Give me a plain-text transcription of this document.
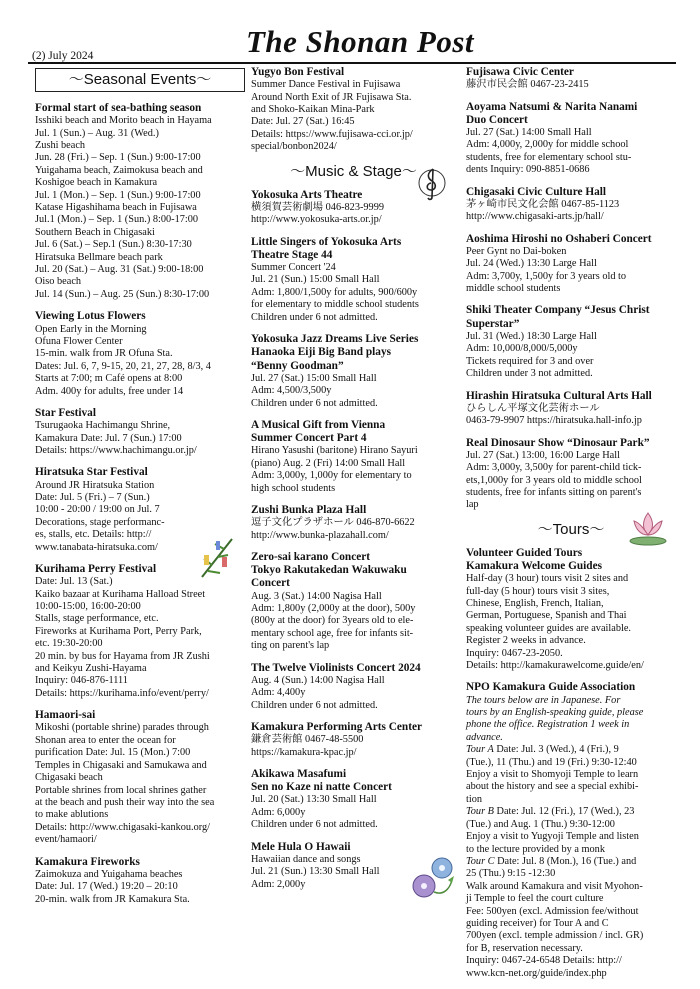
(2) July 2024	The Shonan Post
～Seasonal Events～
Formal start of sea-bathing season
Isshiki beach and Morito beach in Hayama
Jul. 1 (Sun.) – Aug. 31 (Wed.)
Zushi beach
Jun. 28 (Fri.) – Sep. 1 (Sun.) 9:00-17:00
Yuigahama beach, Zaimokusa beach and
Koshigoe beach in Kamakura
Jul. 1 (Mon.) – Sep. 1 (Sun.) 9:00-17:00
Katase Higashihama beach in Fujisawa
Jul.1 (Mon.) – Sep. 1 (Sun.) 8:00-17:00
Southern Beach in Chigasaki
Jul. 6 (Sat.) – Sep.1 (Sun.) 8:30-17:30
Hiratsuka Bellmare beach park
Jul. 20 (Sat.) – Aug. 31 (Sat.) 9:00-18:00
Oiso beach
Jul. 14 (Sun.) – Aug. 25 (Sun.) 8:30-17:00
Viewing Lotus Flowers
Open Early in the Morning
Ofuna Flower Center
15-min. walk from JR Ofuna Sta.
Dates: Jul. 6, 7, 9-15, 20, 21, 27, 28, 8/3, 4
Starts at 7:00; m Café opens at 8:00
Adm. 400y for adults, free under 14
Star Festival
Tsurugaoka Hachimangu Shrine,
Kamakura Date: Jul. 7 (Sun.) 17:00
Details: https://www.hachimangu.or.jp/
Hiratsuka Star Festival
Around JR Hiratsuka Station
Date: Jul. 5 (Fri.) – 7 (Sun.)
10:00 - 20:00 / 19:00 on Jul. 7
Decorations, stage performanc-
es, stalls, etc. Details: http://
www.tanabata-hiratsuka.com/
Kurihama Perry Festival
Date: Jul. 13 (Sat.)
Kaiko bazaar at Kurihama Halload Street
10:00-15:00, 16:00-20:00
Stalls, stage performance, etc.
Fireworks at Kurihama Port, Perry Park,
etc. 19:30-20:00
20 min. by bus for Hayama from JR Zushi
and Keikyu Zushi-Hayama
Inquiry: 046-876-1111
Details: https://kurihama.info/event/perry/
Hamaori-sai
Mikoshi (portable shrine) parades through
Shonan area to enter the ocean for
purification Date: Jul. 15 (Mon.) 7:00
Temples in Chigasaki and Samukawa and
Chigasaki beach
Portable shrines from local shrines gather
at the beach and push their way into the sea
to make ablutions
Details: http://www.chigasaki-kankou.org/
event/hamaori/
Kamakura Fireworks
Zaimokuza and Yuigahama beaches
Date: Jul. 17 (Wed.) 19:20 – 20:10
20-min. walk from JR Kamakura Sta.
Yugyo Bon Festival
Summer Dance Festival in Fujisawa
Around North Exit of JR Fujisawa Sta.
and Shoko-Kaikan Mina-Park
Date: Jul. 27 (Sat.) 16:45
Details: https://www.fujisawa-cci.or.jp/
special/bonbon2024/
～Music & Stage～
Yokosuka Arts Theatre
横須賀芸術劇場 046-823-9999
http://www.yokosuka-arts.or.jp/
Little Singers of Yokosuka Arts
Theatre Stage 44
Summer Concert '24
Jul. 21 (Sun.) 15:00 Small Hall
Adm: 1,800/1,500y for adults, 900/600y
for elementary to middle school students
Children under 6 not admitted.
Yokosuka Jazz Dreams Live Series
Hanaoka Eiji Big Band plays
“Benny Goodman”
Jul. 27 (Sat.) 15:00 Small Hall
Adm: 4,500/3,500y
Children under 6 not admitted.
A Musical Gift from Vienna
Summer Concert Part 4
Hirano Yasushi (baritone) Hirano Sayuri
(piano) Aug. 2 (Fri) 14:00 Small Hall
Adm: 3,000y, 1,000y for elementary to
high school students
Zushi Bunka Plaza Hall
逗子文化プラザホール 046-870-6622
http://www.bunka-plazahall.com/
Zero-sai karano Concert
Tokyo Rakutakedan Wakuwaku
Concert
Aug. 3 (Sat.) 14:00 Nagisa Hall
Adm: 1,800y (2,000y at the door), 500y
(800y at the door) for 3years old to ele-
mentary school age, free for infants sit-
ting on parent's lap
The Twelve Violinists Concert 2024
Aug. 4 (Sun.) 14:00 Nagisa Hall
Adm: 4,400y
Children under 6 not admitted.
Kamakura Performing Arts Center
鎌倉芸術館 0467-48-5500
https://kamakura-kpac.jp/
Akikawa Masafumi
Sen no Kaze ni natte Concert
Jul. 20 (Sat.) 13:30 Small Hall
Adm: 6,000y
Children under 6 not admitted.
Mele Hula O Hawaii
Hawaiian dance and songs
Jul. 21 (Sun.) 13:30 Small Hall
Adm: 2,000y
Fujisawa Civic Center
藤沢市民会館 0467-23-2415
Aoyama Natsumi & Narita Nanami
Duo Concert
Jul. 27 (Sat.) 14:00 Small Hall
Adm: 4,000y, 2,000y for middle school
students, free for elementary school stu-
dents Inquiry: 090-8851-0686
Chigasaki Civic Culture Hall
茅ヶ崎市民文化会館 0467-85-1123
http://www.chigasaki-arts.jp/hall/
Aoshima Hiroshi no Oshaberi Concert
Peer Gynt no Dai-boken
Jul. 24 (Wed.) 13:30 Large Hall
Adm: 3,700y, 1,500y for 3 years old to
middle school students
Shiki Theater Company “Jesus Christ
Superstar”
Jul. 31 (Wed.) 18:30 Large Hall
Adm: 10,000/8,000/5,000y
Tickets required for 3 and over
Children under 3 not admitted.
Hirashin Hiratsuka Cultural Arts Hall
ひらしん平塚文化芸術ホール
0463-79-9907 https://hiratsuka.hall-info.jp
Real Dinosaur Show “Dinosaur Park”
Jul. 27 (Sat.) 13:00, 16:00 Large Hall
Adm: 3,000y, 3,500y for parent-child tick-
ets,1,000y for 3 years old to middle school
students, free for infants sitting on parent's
lap
～Tours～
Volunteer Guided Tours
Kamakura Welcome Guides
Half-day (3 hour) tours visit 2 sites and
full-day (5 hour) tours visit 3 sites,
Chinese, English, French, Italian,
German, Portuguese, Spanish and Thai
speaking volunteer guides are available.
Register 2 weeks in advance.
Inquiry: 0467-23-2050.
Details: http://kamakurawelcome.guide/en/
NPO Kamakura Guide Association
The tours below are in Japanese. For
tours by an English-speaking guide, please
phone the office. Registration 1 week in
advance.
Tour A Date: Jul. 3 (Wed.), 4 (Fri.), 9
(Tue.), 11 (Thu.) and 19 (Fri.) 9:30-12:40
Enjoy a visit to Shomyoji Temple to learn
about the history and see a special exhibi-
tion
Tour B Date: Jul. 12 (Fri.), 17 (Wed.), 23
(Tue.) and Aug. 1 (Thu.) 9:30-12:00
Enjoy a visit to Yugyoji Temple and listen
to the lecture provided by a monk
Tour C Date: Jul. 8 (Mon.), 16 (Tue.) and
25 (Thu.) 9:15 -12:30
Walk around Kamakura and visit Myohon-
ji Temple to feel the court culture
Fee: 500yen (excl. Admission fee/without
guiding receiver) for Tour A and C
700yen (excl. temple admission / incl. GR)
for B, reservation necessary.
Inquiry: 0467-24-6548 Details: http://
www.kcn-net.org/guide/index.php
